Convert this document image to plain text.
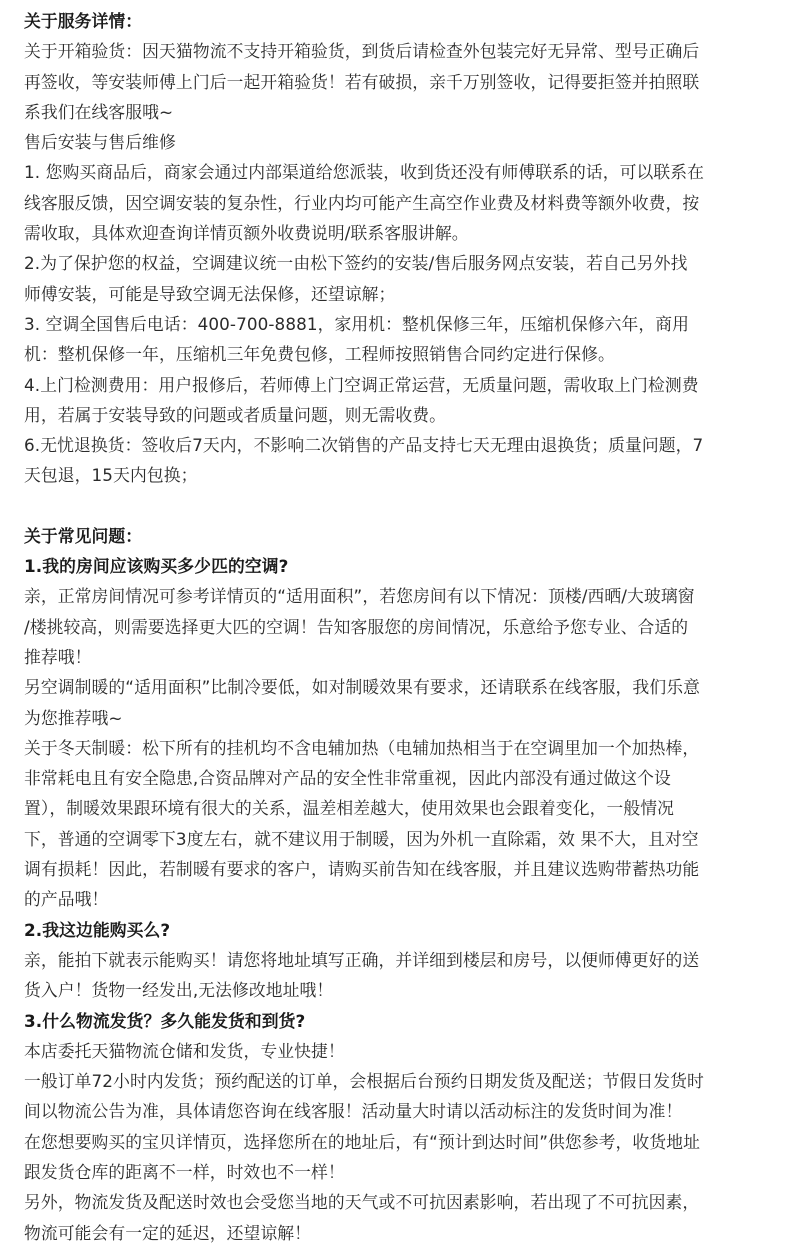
关于服务详情：
关于开箱验货：因天猫物流不支持开箱验货，到货后请检查外包装完好无异常、型号正确后
再签收，等安装师傅上门后一起开箱验货！若有破损，亲千万别签收，记得要拒签并拍照联
系我们在线客服哦~
售后安装与售后维修
1. 您购买商品后，商家会通过内部渠道给您派装，收到货还没有师傅联系的话，可以联系在
线客服反馈，因空调安装的复杂性，行业内均可能产生高空作业费及材料费等额外收费，按
需收取，具体欢迎查询详情页额外收费说明/联系客服讲解。
2.为了保护您的权益，空调建议统一由松下签约的安装/售后服务网点安装，若自己另外找
师傅安装，可能是导致空调无法保修，还望谅解；
3. 空调全国售后电话：400-700-8881，家用机：整机保修三年，压缩机保修六年，商用
机：整机保修一年，压缩机三年免费包修，工程师按照销售合同约定进行保修。
4.上门检测费用：用户报修后，若师傅上门空调正常运营，无质量问题，需收取上门检测费
用，若属于安装导致的问题或者质量问题，则无需收费。
6.无忧退换货：签收后7天内，不影响二次销售的产品支持七天无理由退换货；质量问题，7
天包退，15天内包换；
关于常见问题：
1.我的房间应该购买多少匹的空调?
亲，正常房间情况可参考详情页的“适用面积”，若您房间有以下情况：顶楼/西晒/大玻璃窗
/楼挑较高，则需要选择更大匹的空调！告知客服您的房间情况，乐意给予您专业、合适的
推荐哦！
另空调制暖的“适用面积”比制冷要低，如对制暖效果有要求，还请联系在线客服，我们乐意
为您推荐哦~
关于冬天制暖：松下所有的挂机均不含电辅加热（电辅加热相当于在空调里加一个加热棒，
非常耗电且有安全隐患,合资品牌对产品的安全性非常重视，因此内部没有通过做这个设
置），制暖效果跟环境有很大的关系，温差相差越大，使用效果也会跟着变化，一般情况
下，普通的空调零下3度左右，就不建议用于制暖，因为外机一直除霜，效 果不大，且对空
调有损耗！因此，若制暖有要求的客户，请购买前告知在线客服，并且建议选购带蓄热功能
的产品哦！
2.我这边能购买么?
亲，能拍下就表示能购买！请您将地址填写正确，并详细到楼层和房号，以便师傅更好的送
货入户！货物一经发出,无法修改地址哦！
3.什么物流发货？多久能发货和到货?
本店委托天猫物流仓储和发货，专业快捷！
一般订单72小时内发货；预约配送的订单，会根据后台预约日期发货及配送；节假日发货时
间以物流公告为准，具体请您咨询在线客服！活动量大时请以活动标注的发货时间为准！
在您想要购买的宝贝详情页，选择您所在的地址后，有“预计到达时间”供您参考，收货地址
跟发货仓库的距离不一样，时效也不一样！
另外，物流发货及配送时效也会受您当地的天气或不可抗因素影响，若出现了不可抗因素，
物流可能会有一定的延迟，还望谅解！
